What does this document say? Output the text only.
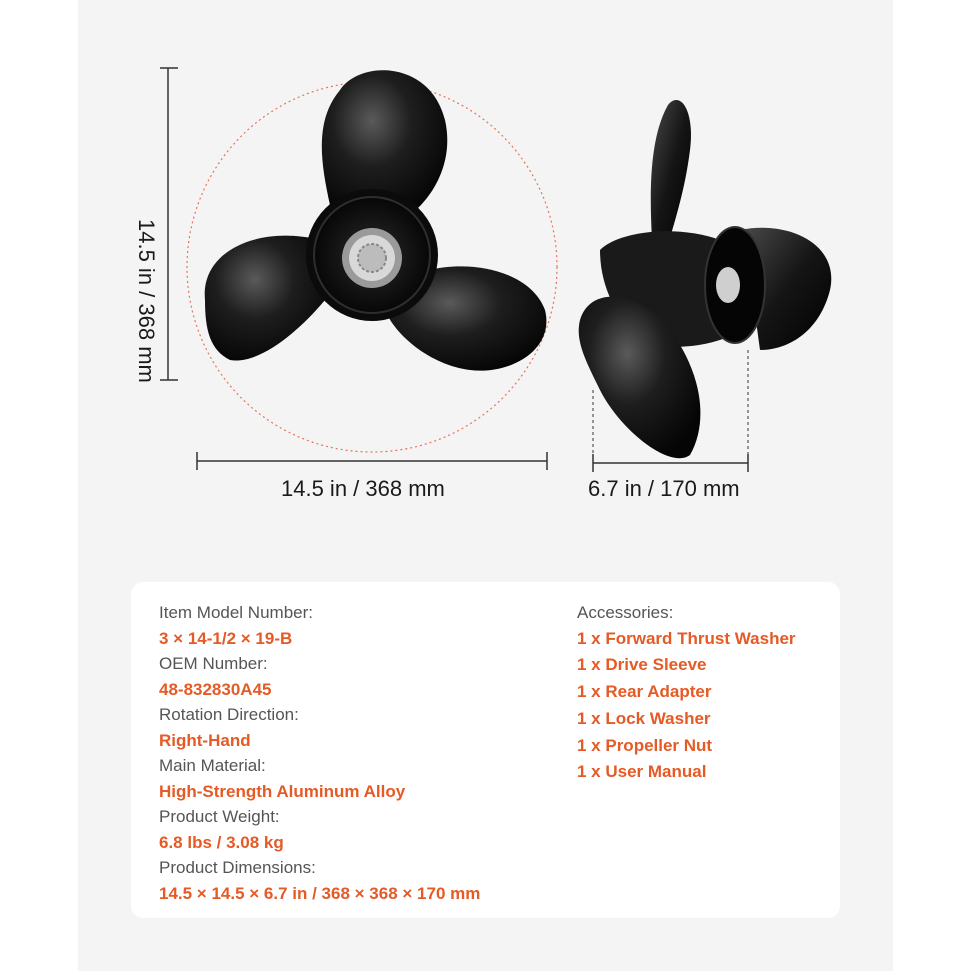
14.5 in / 368 mm	6.7 in / 170 mm

Item Model Number:

3 × 14-1/2 × 19-B

OEM Number:

48-832830A45

Rotation Direction:

Right-Hand

Main Material:

High-Strength Aluminum Alloy

Product Weight:

6.8 lbs / 3.08 kg

Product Dimensions:

14.5 × 14.5 × 6.7 in / 368 × 368 × 170 mm

Accessories:

1 x Forward Thrust Washer

1 x Drive Sleeve

1 x Rear Adapter

1 x Lock Washer

1 x Propeller Nut

1 x User Manual
